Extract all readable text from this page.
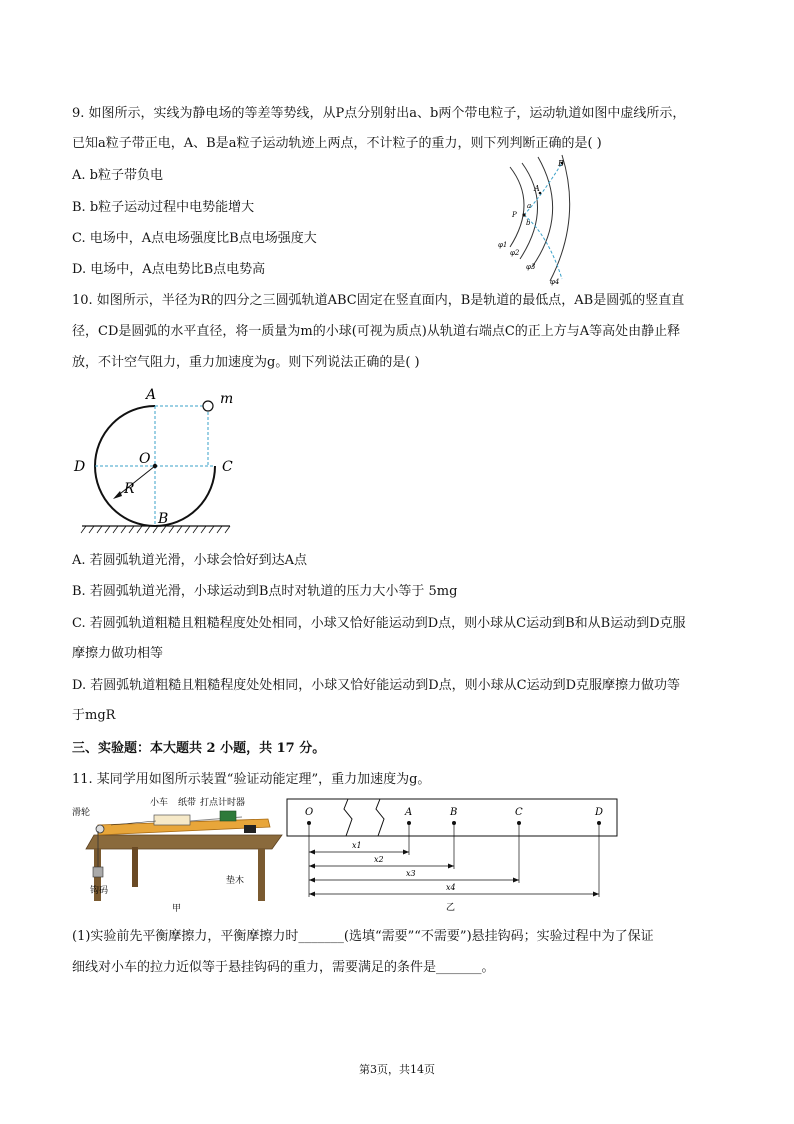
9. 如图所示，实线为静电场的等差等势线，从P点分别射出a、b两个带电粒子，运动轨道如图中虚线所示，
已知a粒子带正电，A、B是a粒子运动轨迹上两点，不计粒子的重力，则下列判断正确的是( )
A. b粒子带负电
B. b粒子运动过程中电势能增大
C. 电场中，A点电场强度比B点电场强度大
D. 电场中，A点电势比B点电势高
B
A
a
b
P
φ1
φ2
φ3
φ4
10. 如图所示，半径为R的四分之三圆弧轨道ABC固定在竖直面内，B是轨道的最低点，AB是圆弧的竖直直
径，CD是圆弧的水平直径，将一质量为m的小球(可视为质点)从轨道右端点C的正上方与A等高处由静止释
放，不计空气阻力，重力加速度为g。则下列说法正确的是( )
A	m
D	O	C
R
B
A. 若圆弧轨道光滑，小球会恰好到达A点
B. 若圆弧轨道光滑，小球运动到B点时对轨道的压力大小等于 5mg
C. 若圆弧轨道粗糙且粗糙程度处处相同，小球又恰好能运动到D点，则小球从C运动到B和从B运动到D克服
摩擦力做功相等
D. 若圆弧轨道粗糙且粗糙程度处处相同，小球又恰好能运动到D点，则小球从C运动到D克服摩擦力做功等
于mgR
三、实验题：本大题共 2 小题，共 17 分。
11. 某同学用如图所示装置“验证动能定理”，重力加速度为g。
滑轮
小车 纸带 打点计时器
钩码
垫木
甲
O	A	B	C	D
x1
x2
x3
x4
乙
(1)实验前先平衡摩擦力，平衡摩擦力时_______(选填“需要”“不需要”)悬挂钩码；实验过程中为了保证
细线对小车的拉力近似等于悬挂钩码的重力，需要满足的条件是_______。
第3页，共14页
